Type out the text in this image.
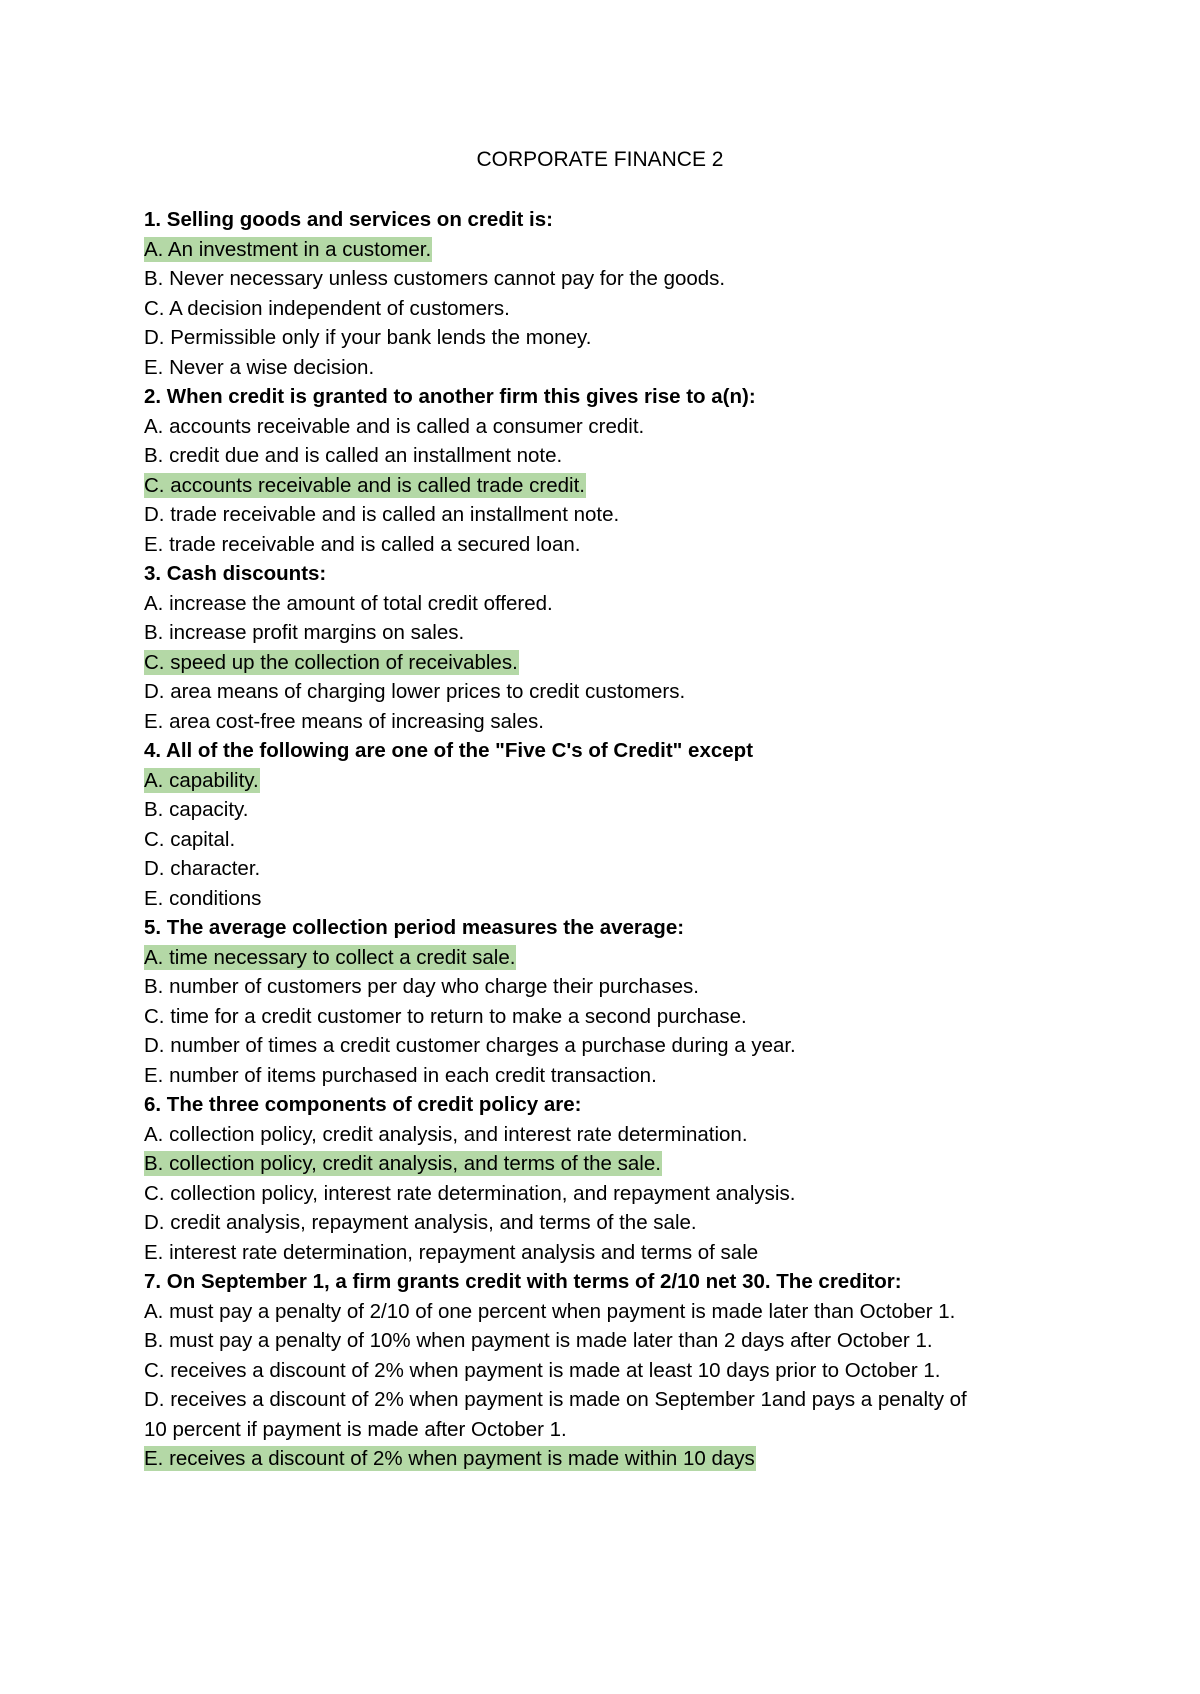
CORPORATE FINANCE 2
1. Selling goods and services on credit is:
A. An investment in a customer.
B. Never necessary unless customers cannot pay for the goods.
C. A decision independent of customers.
D. Permissible only if your bank lends the money.
E. Never a wise decision.
2. When credit is granted to another firm this gives rise to a(n):
A. accounts receivable and is called a consumer credit.
B. credit due and is called an installment note.
C. accounts receivable and is called trade credit.
D. trade receivable and is called an installment note.
E. trade receivable and is called a secured loan.
3. Cash discounts:
A. increase the amount of total credit offered.
B. increase profit margins on sales.
C. speed up the collection of receivables.
D. area means of charging lower prices to credit customers.
E. area cost-free means of increasing sales.
4. All of the following are one of the "Five C's of Credit" except
A. capability.
B. capacity.
C. capital.
D. character.
E. conditions
5. The average collection period measures the average:
A. time necessary to collect a credit sale.
B. number of customers per day who charge their purchases.
C. time for a credit customer to return to make a second purchase.
D. number of times a credit customer charges a purchase during a year.
E. number of items purchased in each credit transaction.
6. The three components of credit policy are:
A. collection policy, credit analysis, and interest rate determination.
B. collection policy, credit analysis, and terms of the sale.
C. collection policy, interest rate determination, and repayment analysis.
D. credit analysis, repayment analysis, and terms of the sale.
E. interest rate determination, repayment analysis and terms of sale
7. On September 1, a firm grants credit with terms of 2/10 net 30. The creditor:
A. must pay a penalty of 2/10 of one percent when payment is made later than October 1.
B. must pay a penalty of 10% when payment is made later than 2 days after October 1.
C. receives a discount of 2% when payment is made at least 10 days prior to October 1.
D. receives a discount of 2% when payment is made on September 1and pays a penalty of
10 percent if payment is made after October 1.
E. receives a discount of 2% when payment is made within 10 days
